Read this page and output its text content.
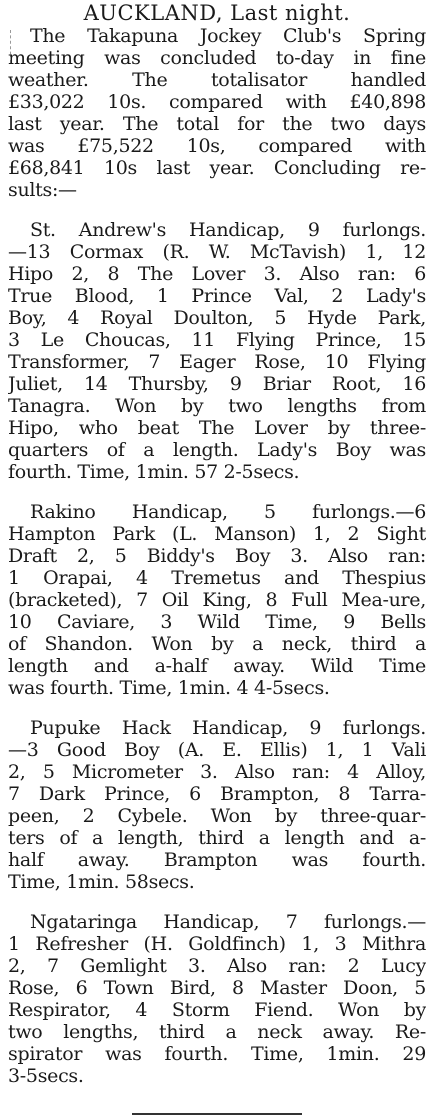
AUCKLAND, Last night.
The Takapuna Jockey Club's Spring
meeting was concluded to-day in fine
weather. The totalisator handled
£33,022 10s. compared with £40,898
last year. The total for the two days
was £75,522 10s, compared with
£68,841 10s last year. Concluding re-
sults:—
St. Andrew's Handicap, 9 furlongs.
—13 Cormax (R. W. McTavish) 1, 12
Hipo 2, 8 The Lover 3. Also ran: 6
True Blood, 1 Prince Val, 2 Lady's
Boy, 4 Royal Doulton, 5 Hyde Park,
3 Le Choucas, 11 Flying Prince, 15
Transformer, 7 Eager Rose, 10 Flying
Juliet, 14 Thursby, 9 Briar Root, 16
Tanagra. Won by two lengths from
Hipo, who beat The Lover by three-
quarters of a length. Lady's Boy was
fourth. Time, 1min. 57 2-5secs.
Rakino Handicap, 5 furlongs.—6
Hampton Park (L. Manson) 1, 2 Sight
Draft 2, 5 Biddy's Boy 3. Also ran:
1 Orapai, 4 Tremetus and Thespius
(bracketed), 7 Oil King, 8 Full Mea-ure,
10 Caviare, 3 Wild Time, 9 Bells
of Shandon. Won by a neck, third a
length and a-half away. Wild Time
was fourth. Time, 1min. 4 4-5secs.
Pupuke Hack Handicap, 9 furlongs.
—3 Good Boy (A. E. Ellis) 1, 1 Vali
2, 5 Micrometer 3. Also ran: 4 Alloy,
7 Dark Prince, 6 Brampton, 8 Tarra-
peen, 2 Cybele. Won by three-quar-
ters of a length, third a length and a-
half away. Brampton was fourth.
Time, 1min. 58secs.
Ngataringa Handicap, 7 furlongs.—
1 Refresher (H. Goldfinch) 1, 3 Mithra
2, 7 Gemlight 3. Also ran: 2 Lucy
Rose, 6 Town Bird, 8 Master Doon, 5
Respirator, 4 Storm Fiend. Won by
two lengths, third a neck away. Re-
spirator was fourth. Time, 1min. 29
3-5secs.
